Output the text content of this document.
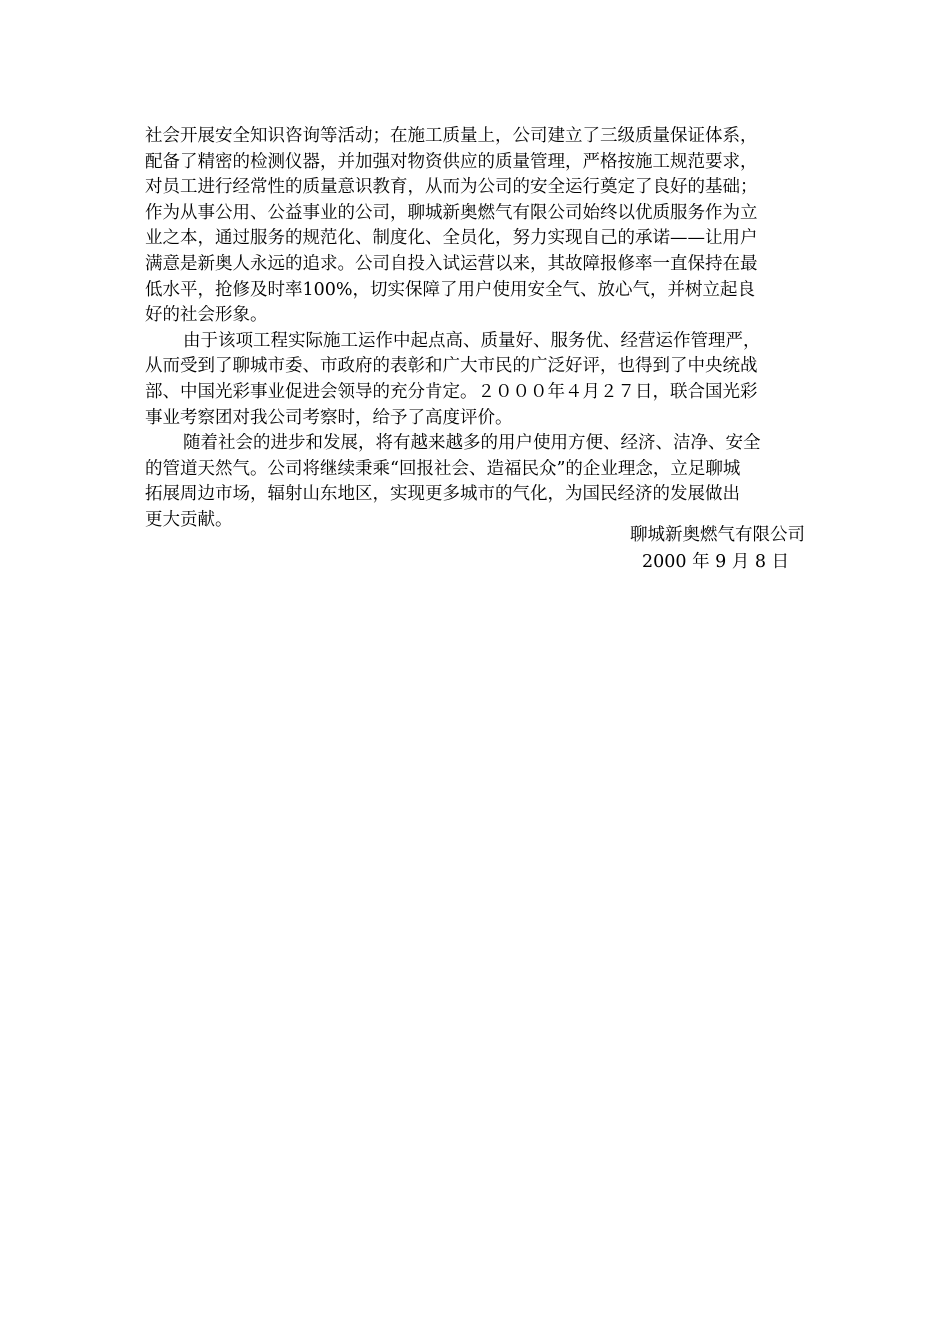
社会开展安全知识咨询等活动；在施工质量上，公司建立了三级质量保证体系，
配备了精密的检测仪器，并加强对物资供应的质量管理，严格按施工规范要求，
对员工进行经常性的质量意识教育，从而为公司的安全运行奠定了良好的基础；
作为从事公用、公益事业的公司，聊城新奥燃气有限公司始终以优质服务作为立
业之本，通过服务的规范化、制度化、全员化，努力实现自己的承诺——让用户
满意是新奥人永远的追求。公司自投入试运营以来，其故障报修率一直保持在最
低水平，抢修及时率100%，切实保障了用户使用安全气、放心气，并树立起良
好的社会形象。
由于该项工程实际施工运作中起点高、质量好、服务优、经营运作管理严，
从而受到了聊城市委、市政府的表彰和广大市民的广泛好评，也得到了中央统战
部、中国光彩事业促进会领导的充分肯定。２０００年４月２７日，联合国光彩
事业考察团对我公司考察时，给予了高度评价。
随着社会的进步和发展，将有越来越多的用户使用方便、经济、洁净、安全
的管道天然气。公司将继续秉乘“回报社会、造福民众”的企业理念，立足聊城
拓展周边市场，辐射山东地区，实现更多城市的气化，为国民经济的发展做出
更大贡献。
聊城新奥燃气有限公司
2000 年 9 月 8 日
